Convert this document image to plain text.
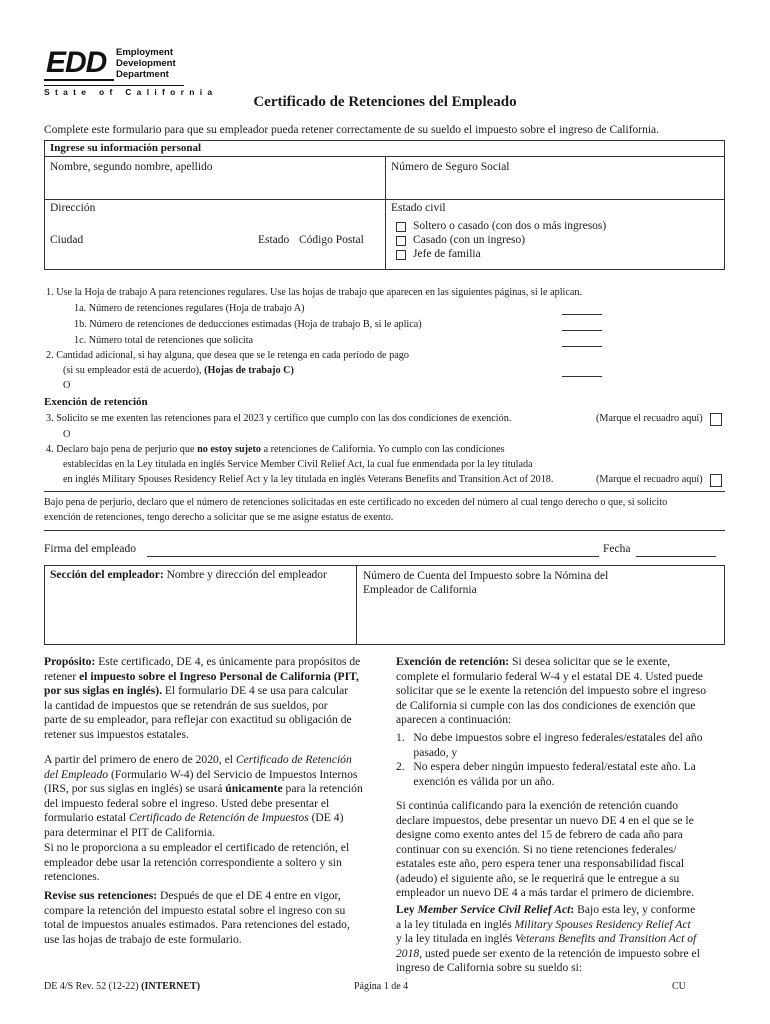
EDD Employment
Development
Department
State of California
Certificado de Retenciones del Empleado
Complete este formulario para que su empleador pueda retener correctamente de su sueldo el impuesto sobre el ingreso de California.
Ingrese su información personal
Nombre, segundo nombre, apellido	Número de Seguro Social
Dirección	Estado civil
Ciudad	Estado Código Postal
Soltero o casado (con dos o más ingresos)
Casado (con un ingreso)
Jefe de familia
1. Use la Hoja de trabajo A para retenciones regulares. Use las hojas de trabajo que aparecen en las siguientes páginas, si le aplican.
1a. Número de retenciones regulares (Hoja de trabajo A)
1b. Número de retenciones de deducciones estimadas (Hoja de trabajo B, si le aplica)
1c. Número total de retenciones que solicita
2. Cantidad adicional, si hay alguna, que desea que se le retenga en cada período de pago
(si su empleador está de acuerdo), (Hojas de trabajo C)
O
Exención de retención
3. Solicito se me exenten las retenciones para el 2023 y certifico que cumplo con las dos condiciones de exención.	(Marque el recuadro aquí)
O
4. Declaro bajo pena de perjurio que no estoy sujeto a retenciones de California. Yo cumplo con las condiciones
establecidas en la Ley titulada en inglés Service Member Civil Relief Act, la cual fue enmendada por la ley titulada
en inglés Military Spouses Residency Relief Act y la ley titulada en inglés Veterans Benefits and Transition Act of 2018.	(Marque el recuadro aquí)
Bajo pena de perjurio, declaro que el número de retenciones solicitadas en este certificado no exceden del número al cual tengo derecho o que, si solicito
exención de retenciones, tengo derecho a solicitar que se me asigne estatus de exento.
Firma del empleado	Fecha
Sección del empleador: Nombre y dirección del empleador	Número de Cuenta del Impuesto sobre la Nómina del
Empleador de California
Propósito: Este certificado, DE 4, es únicamente para propósitos de
retener el impuesto sobre el Ingreso Personal de California (PIT,
por sus siglas en inglés). El formulario DE 4 se usa para calcular
la cantidad de impuestos que se retendrán de sus sueldos, por
parte de su empleador, para reflejar con exactitud su obligación de
retener sus impuestos estatales.
A partir del primero de enero de 2020, el Certificado de Retención
del Empleado (Formulario W-4) del Servicio de Impuestos Internos
(IRS, por sus siglas en inglés) se usará únicamente para la retención
del impuesto federal sobre el ingreso. Usted debe presentar el
formulario estatal Certificado de Retención de Impuestos (DE 4)
para determinar el PIT de California.
Si no le proporciona a su empleador el certificado de retención, el
empleador debe usar la retención correspondiente a soltero y sin
retenciones.
Revise sus retenciones: Después de que el DE 4 entre en vigor,
compare la retención del impuesto estatal sobre el ingreso con su
total de impuestos anuales estimados. Para retenciones del estado,
use las hojas de trabajo de este formulario.
Exención de retención: Si desea solicitar que se le exente,
complete el formulario federal W-4 y el estatal DE 4. Usted puede
solicitar que se le exente la retención del impuesto sobre el ingreso
de California si cumple con las dos condiciones de exención que
aparecen a continuación:
1.   No debe impuestos sobre el ingreso federales/estatales del año
pasado, y
2.   No espera deber ningún impuesto federal/estatal este año. La
exención es válida por un año.
Si continúa calificando para la exención de retención cuando
declare impuestos, debe presentar un nuevo DE 4 en el que se le
designe como exento antes del 15 de febrero de cada año para
continuar con su exención. Si no tiene retenciones federales/
estatales este año, pero espera tener una responsabilidad fiscal
(adeudo) el siguiente año, se le requerirá que le entregue a su
empleador un nuevo DE 4 a más tardar el primero de diciembre.
Ley Member Service Civil Relief Act: Bajo esta ley, y conforme
a la ley titulada en inglés Military Spouses Residency Relief Act
y la ley titulada en inglés Veterans Benefits and Transition Act of
2018, usted puede ser exento de la retención de impuesto sobre el
ingreso de California sobre su sueldo si:
DE 4/S Rev. 52 (12-22) (INTERNET)	Página 1 de 4	CU
